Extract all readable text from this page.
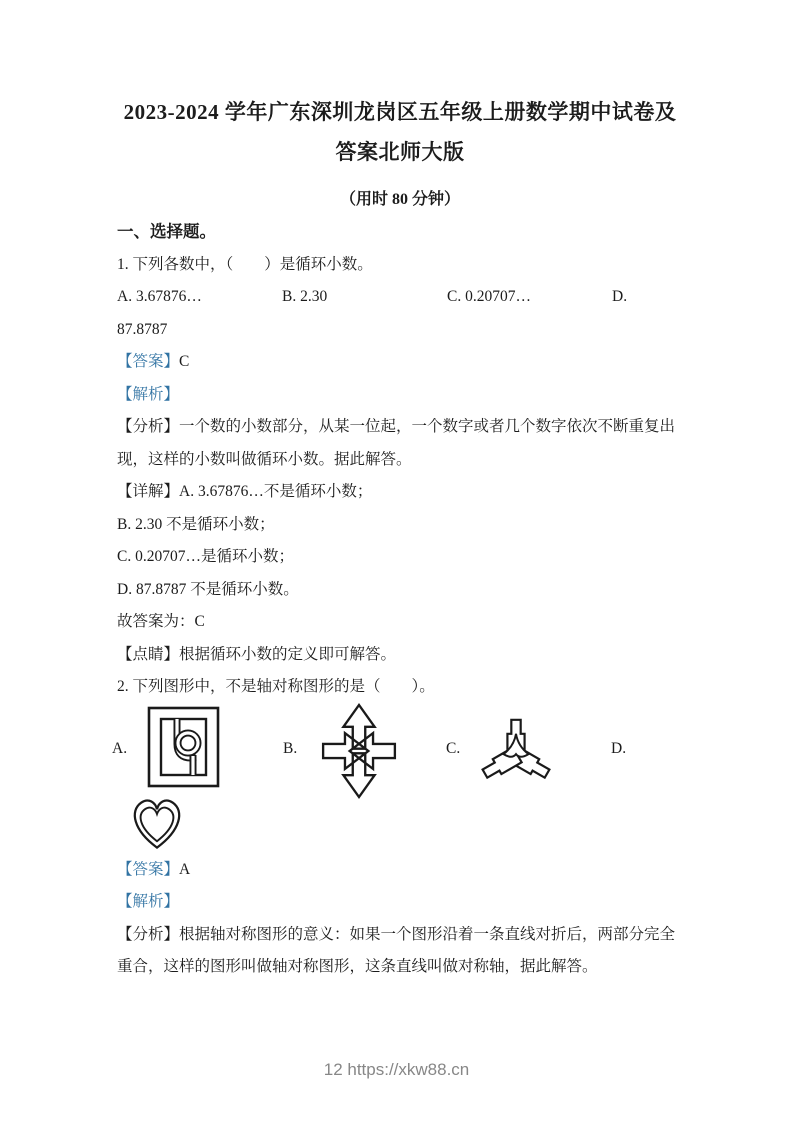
2023-2024 学年广东深圳龙岗区五年级上册数学期中试卷及
答案北师大版
（用时 80 分钟）
一、选择题。

1. 下列各数中，（　　）是循环小数。

A. 3.67876…	B. 2.30	C. 0.20707…	D.

87.8787

【答案】C

【解析】

【分析】一个数的小数部分，从某一位起，一个数字或者几个数字依次不断重复出现，这样的小数叫做循环小数。据此解答。

【详解】A. 3.67876…不是循环小数；

B. 2.30 不是循环小数；

C. 0.20707…是循环小数；

D. 87.8787 不是循环小数。

故答案为：C

【点睛】根据循环小数的定义即可解答。

2. 下列图形中，不是轴对称图形的是（　　）。

A.	B.	C.	D.

【答案】A

【解析】

【分析】根据轴对称图形的意义：如果一个图形沿着一条直线对折后，两部分完全重合，这样的图形叫做轴对称图形，这条直线叫做对称轴，据此解答。

12 https://xkw88.cn
